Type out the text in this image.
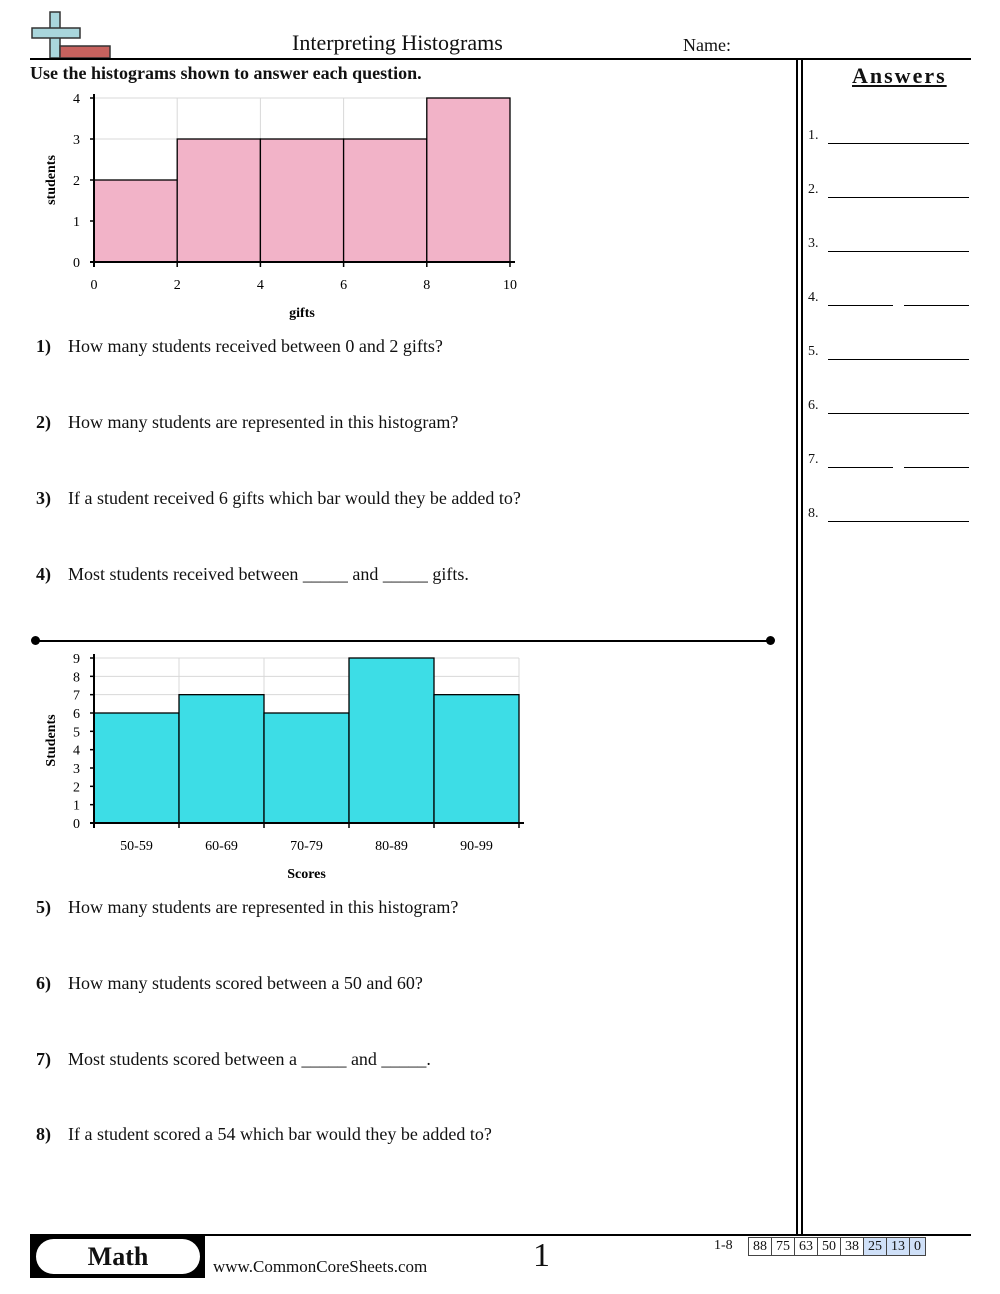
Interpreting Histograms	Name:
Use the histograms shown to answer each question.	Answers
1.
2.
3.
4.
5.
6.
7.
8.
0
1
2
3
4
0	2	4	6	8	10
gifts
students
1) How many students received between 0 and 2 gifts?
2) How many students are represented in this histogram?
3) If a student received 6 gifts which bar would they be added to?
4) Most students received between _____ and _____ gifts.
0
1
2
3
4
5
6
7
8
9
50-59	60-69	70-79	80-89	90-99
Scores
Students
5) How many students are represented in this histogram?
6) How many students scored between a 50 and 60?
7) Most students scored between a _____ and _____.
8) If a student scored a 54 which bar would they be added to?
Math	www.CommonCoreSheets.com	1	1-8 88	75	63	50	38	25	13	0
